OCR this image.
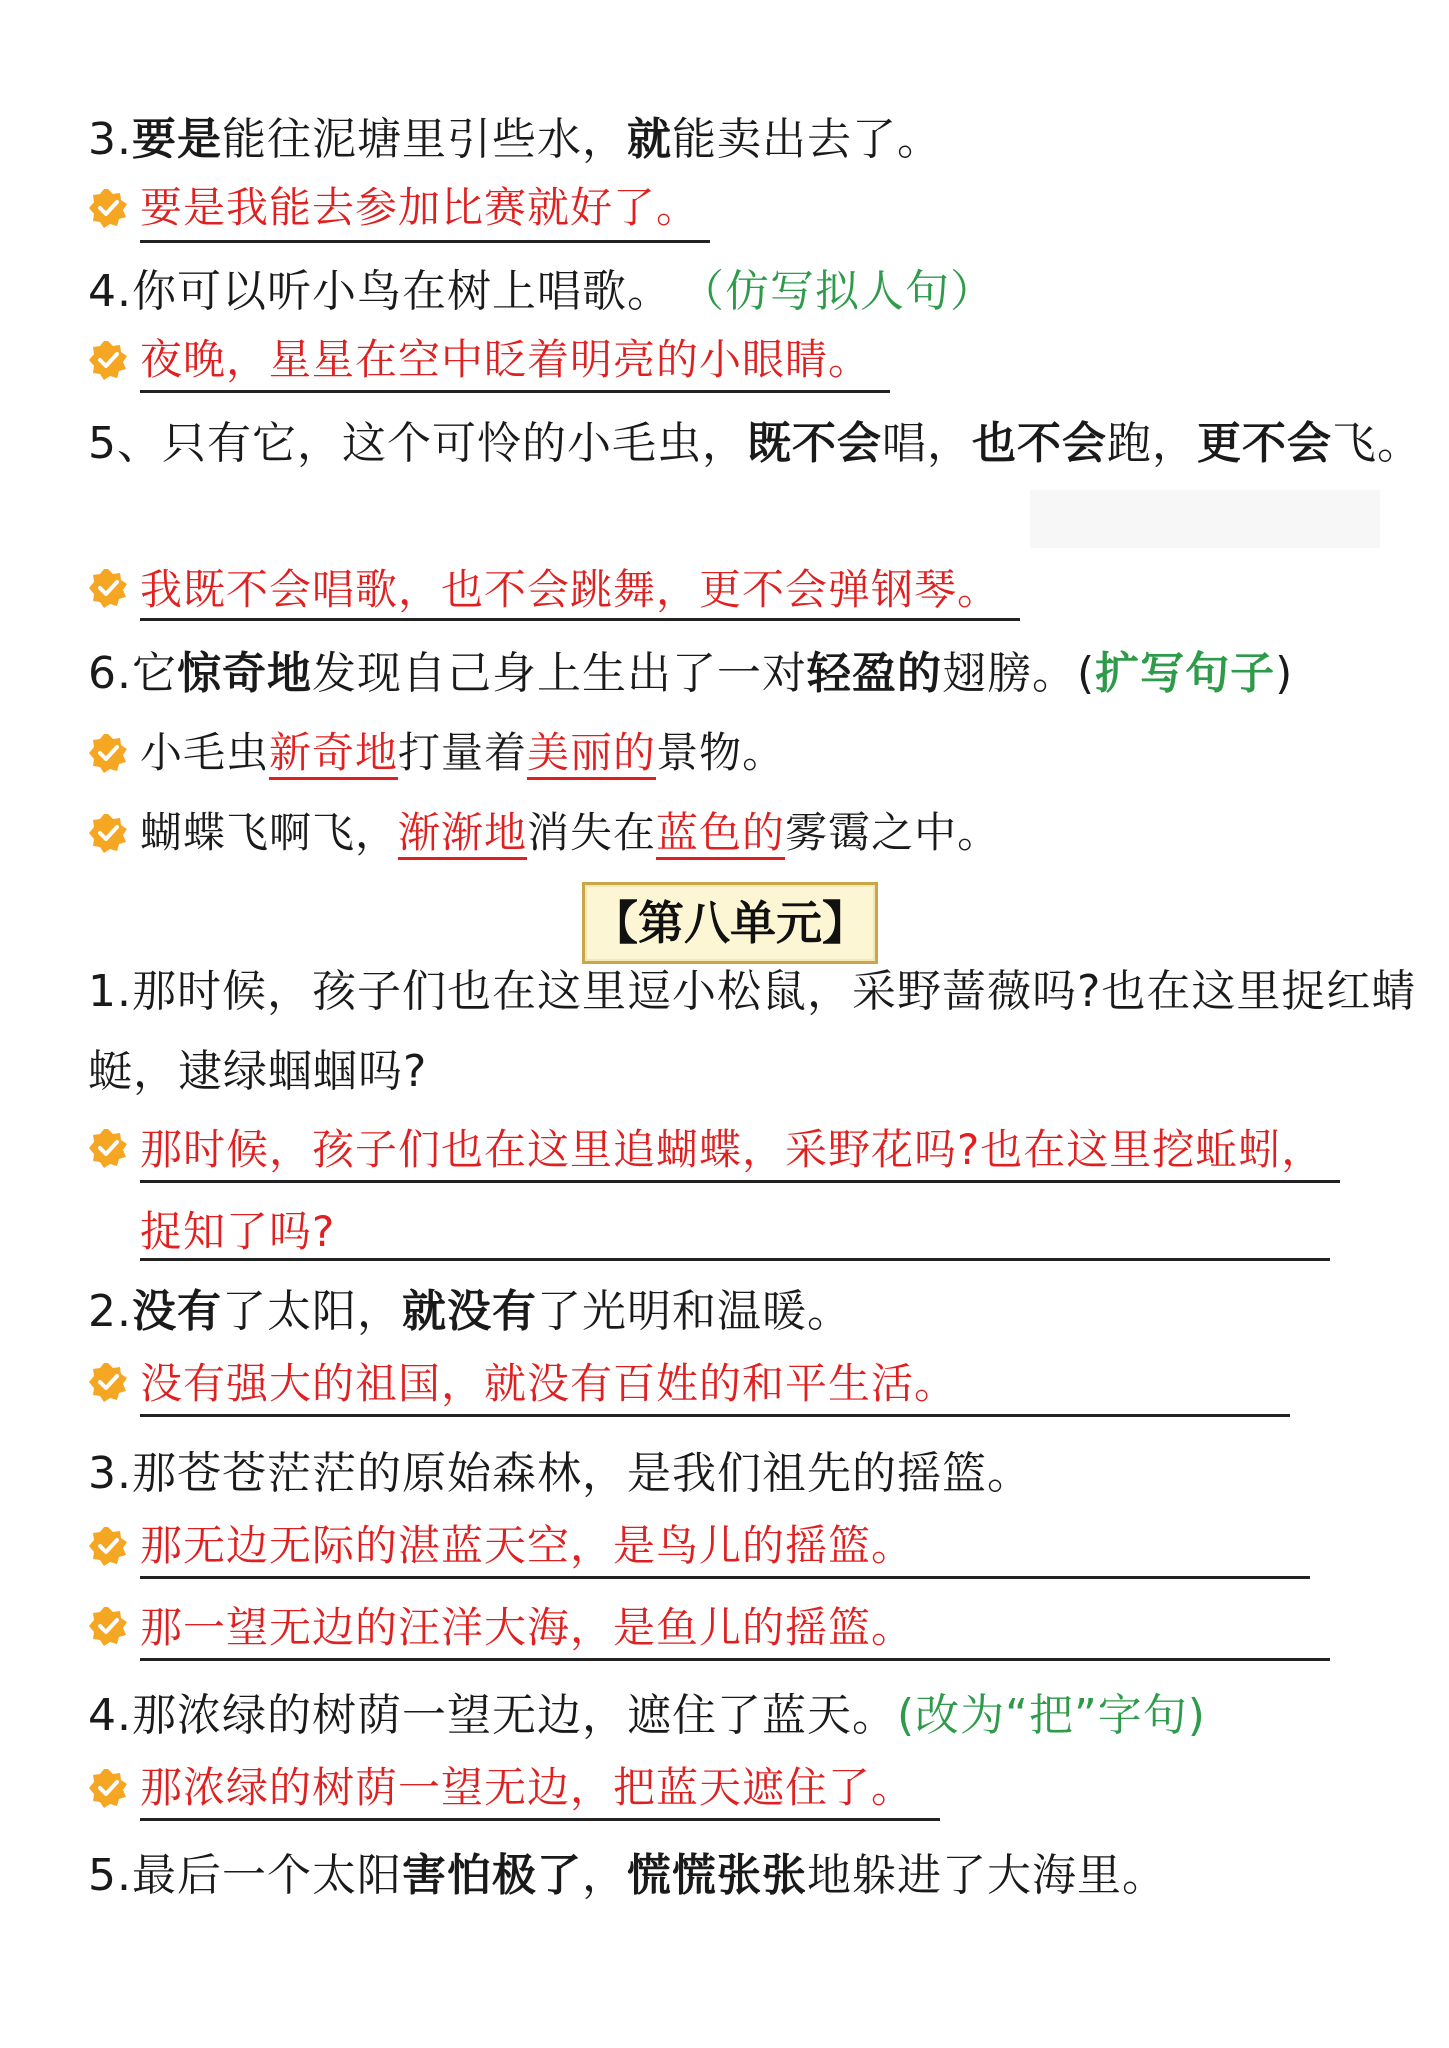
3.要是能往泥塘里引些水，就能卖出去了。
要是我能去参加比赛就好了。
4.你可以听小鸟在树上唱歌。 （仿写拟人句）
夜晚，星星在空中眨着明亮的小眼睛。
5、只有它，这个可怜的小毛虫，既不会唱，也不会跑，更不会飞。
我既不会唱歌，也不会跳舞，更不会弹钢琴。
6.它惊奇地发现自己身上生出了一对轻盈的翅膀。(扩写句子)
小毛虫新奇地打量着美丽的景物。
蝴蝶飞啊飞，渐渐地消失在蓝色的雾霭之中。
【第八单元】
1.那时候，孩子们也在这里逗小松鼠，采野蔷薇吗?也在这里捉红蜻
蜓，逮绿蝈蝈吗?
那时候，孩子们也在这里追蝴蝶，采野花吗?也在这里挖蚯蚓，
捉知了吗?
2.没有了太阳，就没有了光明和温暖。
没有强大的祖国，就没有百姓的和平生活。
3.那苍苍茫茫的原始森林，是我们祖先的摇篮。
那无边无际的湛蓝天空，是鸟儿的摇篮。
那一望无边的汪洋大海，是鱼儿的摇篮。
4.那浓绿的树荫一望无边，遮住了蓝天。(改为“把”字句)
那浓绿的树荫一望无边，把蓝天遮住了。
5.最后一个太阳害怕极了，慌慌张张地躲进了大海里。
